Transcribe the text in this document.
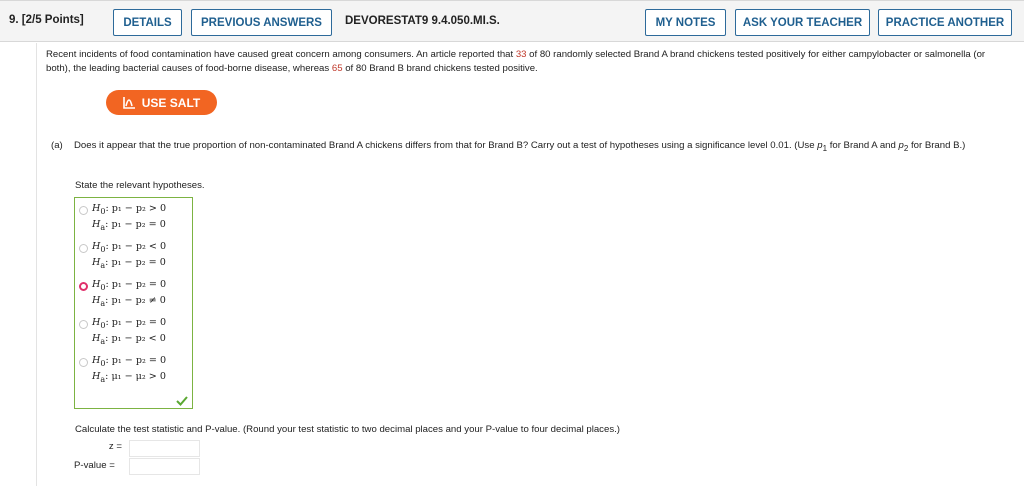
9. [2/5 Points]	DETAILS	PREVIOUS ANSWERS	DEVORESTAT9 9.4.050.MI.S.	MY NOTES	ASK YOUR TEACHER	PRACTICE ANOTHER
Recent incidents of food contamination have caused great concern among consumers. An article reported that 33 of 80 randomly selected Brand A brand chickens tested positively for either campylobacter or salmonella (or both), the leading bacterial causes of food-borne disease, whereas 65 of 80 Brand B brand chickens tested positive.
USE SALT
(a) Does it appear that the true proportion of non-contaminated Brand A chickens differs from that for Brand B? Carry out a test of hypotheses using a significance level 0.01. (Use $p_1$ for Brand A and $p_2$ for Brand B.)
State the relevant hypotheses.
$H_0$: p₁ − p₂ > 0
$H_a$: p₁ − p₂ = 0
$H_0$: p₁ − p₂ < 0
$H_a$: p₁ − p₂ = 0
$H_0$: p₁ − p₂ = 0
$H_a$: p₁ − p₂ ≠ 0
$H_0$: p₁ − p₂ = 0
$H_a$: p₁ − p₂ < 0
$H_0$: p₁ − p₂ = 0
$H_a$: μ₁ − μ₂ > 0
Calculate the test statistic and P-value. (Round your test statistic to two decimal places and your P-value to four decimal places.)
z =
P-value =
